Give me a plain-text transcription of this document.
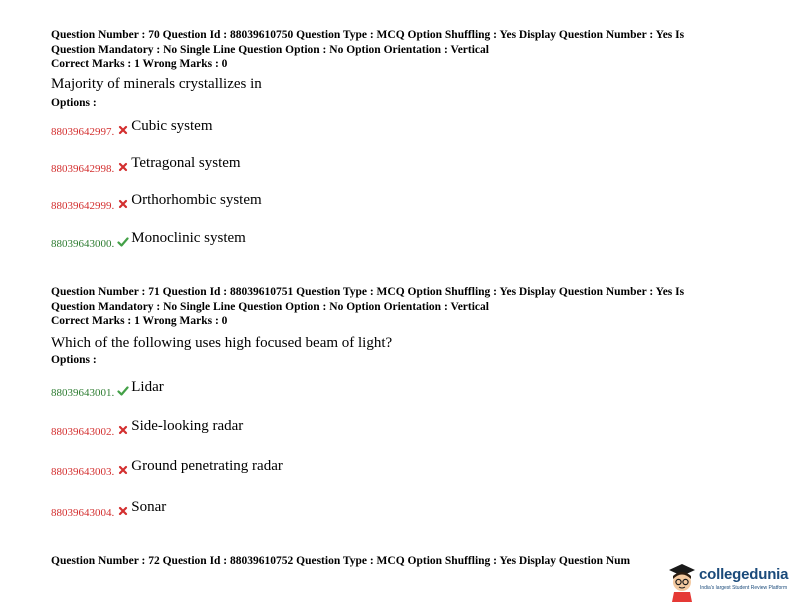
Question Number : 70 Question Id : 88039610750 Question Type : MCQ Option Shuffling : Yes Display Question Number : Yes Is
Question Mandatory : No Single Line Question Option : No Option Orientation : Vertical
Correct Marks : 1 Wrong Marks : 0
Majority of minerals crystallizes in
Options :
88039642997. Cubic system
88039642998. Tetragonal system
88039642999. Orthorhombic system
88039643000. Monoclinic system
Question Number : 71 Question Id : 88039610751 Question Type : MCQ Option Shuffling : Yes Display Question Number : Yes Is
Question Mandatory : No Single Line Question Option : No Option Orientation : Vertical
Correct Marks : 1 Wrong Marks : 0
Which of the following uses high focused beam of light?
Options :
88039643001. Lidar
88039643002. Side-looking radar
88039643003. Ground penetrating radar
88039643004. Sonar
Question Number : 72 Question Id : 88039610752 Question Type : MCQ Option Shuffling : Yes Display Question Num
collegedunia
India's largest Student Review Platform
